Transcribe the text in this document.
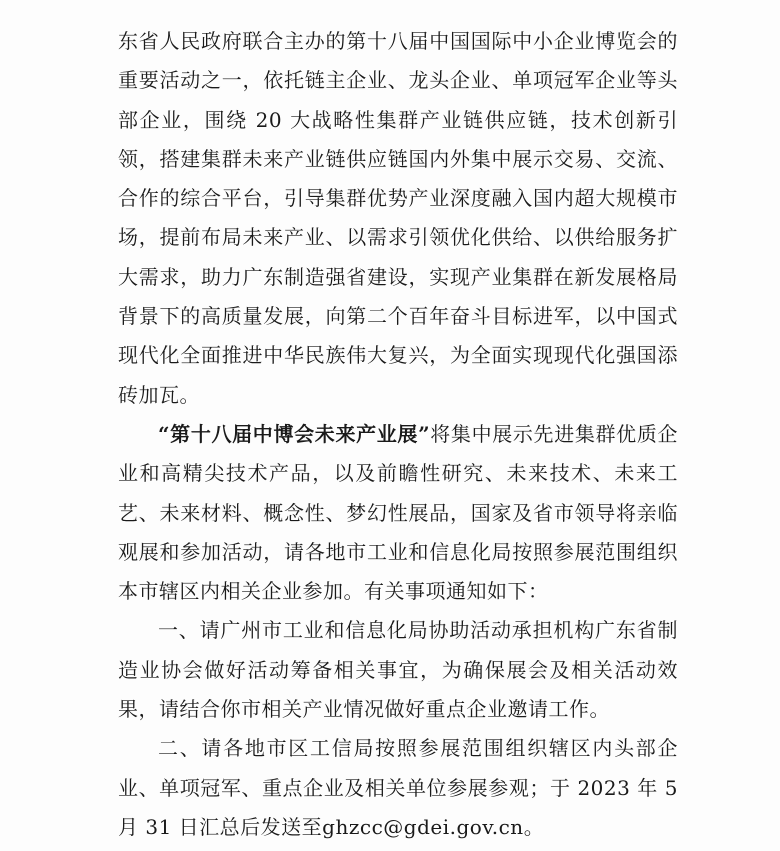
东省人民政府联合主办的第十八届中国国际中小企业博览会的重要活动之一，依托链主企业、龙头企业、单项冠军企业等头部企业，围绕 20 大战略性集群产业链供应链，技术创新引领，搭建集群未来产业链供应链国内外集中展示交易、交流、合作的综合平台，引导集群优势产业深度融入国内超大规模市场，提前布局未来产业、以需求引领优化供给、以供给服务扩大需求，助力广东制造强省建设，实现产业集群在新发展格局背景下的高质量发展，向第二个百年奋斗目标进军，以中国式现代化全面推进中华民族伟大复兴，为全面实现现代化强国添砖加瓦。

“第十八届中博会未来产业展”将集中展示先进集群优质企业和高精尖技术产品，以及前瞻性研究、未来技术、未来工艺、未来材料、概念性、梦幻性展品，国家及省市领导将亲临观展和参加活动，请各地市工业和信息化局按照参展范围组织本市辖区内相关企业参加。有关事项通知如下：

一、请广州市工业和信息化局协助活动承担机构广东省制造业协会做好活动筹备相关事宜，为确保展会及相关活动效果，请结合你市相关产业情况做好重点企业邀请工作。

二、请各地市区工信局按照参展范围组织辖区内头部企业、单项冠军、重点企业及相关单位参展参观；于 2023 年 5 月 31 日汇总后发送至ghzcc@gdei.gov.cn。
